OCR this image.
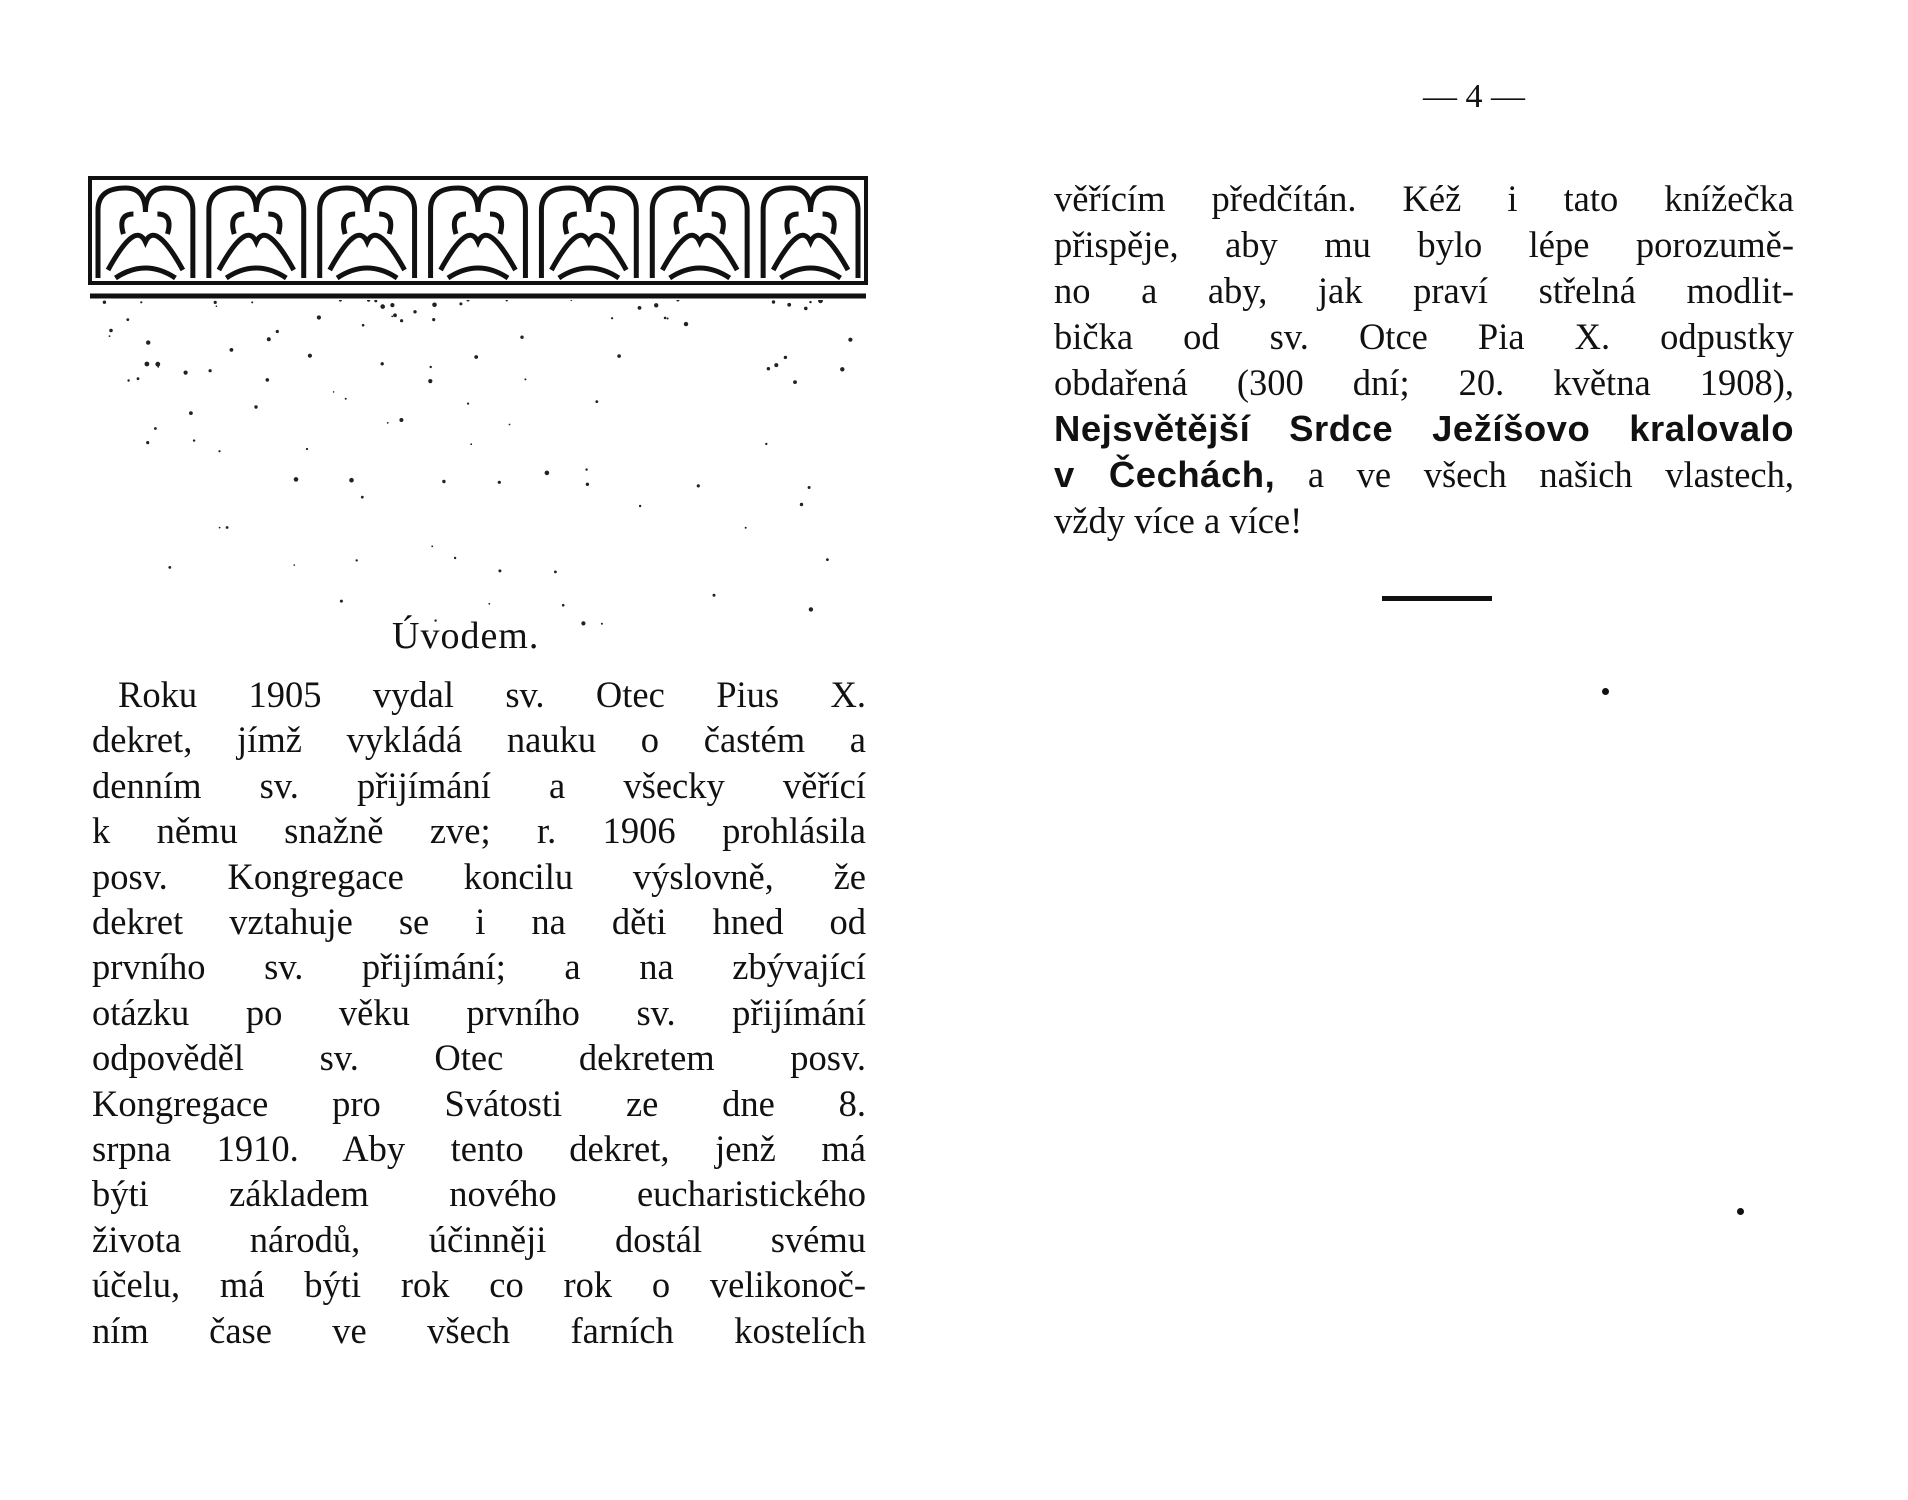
Úvodem.
Roku 1905 vydal sv. Otec Pius X.
dekret, jímž vykládá nauku o častém a
denním sv. přijímání a všecky věřící
k němu snažně zve; r. 1906 prohlásila
posv. Kongregace koncilu výslovně, že
dekret vztahuje se i na děti hned od
prvního sv. přijímání; a na zbývající
otázku po věku prvního sv. přijímání
odpověděl sv. Otec dekretem posv.
Kongregace pro Svátosti ze dne 8.
srpna 1910. Aby tento dekret, jenž má
býti základem nového eucharistického
života národů, účinněji dostál svému
účelu, má býti rok co rok o velikonoč-
ním čase ve všech farních kostelích
— 4 —
věřícím předčítán. Kéž i tato knížečka
přispěje, aby mu bylo lépe porozumě-
no a aby, jak praví střelná modlit-
bička od sv. Otce Pia X. odpustky
obdařená (300 dní; 20. května 1908),
Nejsvětější Srdce Ježíšovo kralovalo
v Čechách, a ve všech našich vlastech,
vždy více a více!
